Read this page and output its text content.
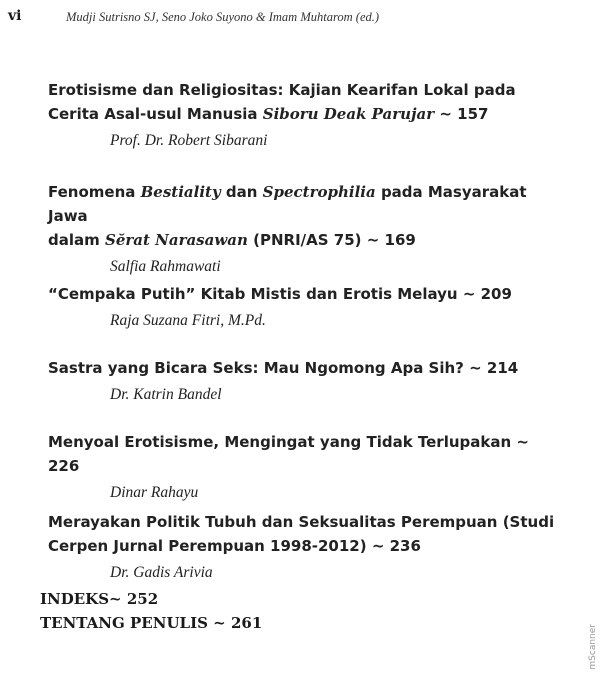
vi	Mudji Sutrisno SJ, Seno Joko Suyono & Imam Muhtarom (ed.)
Erotisisme dan Religiositas: Kajian Kearifan Lokal pada
Cerita Asal-usul Manusia Siboru Deak Parujar ~ 157
Prof. Dr. Robert Sibarani
Fenomena Bestiality dan Spectrophilia pada Masyarakat Jawa
dalam Sĕrat Narasawan (PNRI/AS 75) ~ 169
Salfia Rahmawati
“Cempaka Putih” Kitab Mistis dan Erotis Melayu ~ 209
Raja Suzana Fitri, M.Pd.
Sastra yang Bicara Seks: Mau Ngomong Apa Sih? ~ 214
Dr. Katrin Bandel
Menyoal Erotisisme, Mengingat yang Tidak Terlupakan ~ 226
Dinar Rahayu
Merayakan Politik Tubuh dan Seksualitas Perempuan (Studi
Cerpen Jurnal Perempuan 1998-2012) ~ 236
Dr. Gadis Arivia
INDEKS~ 252
TENTANG PENULIS ~ 261
mScanner
